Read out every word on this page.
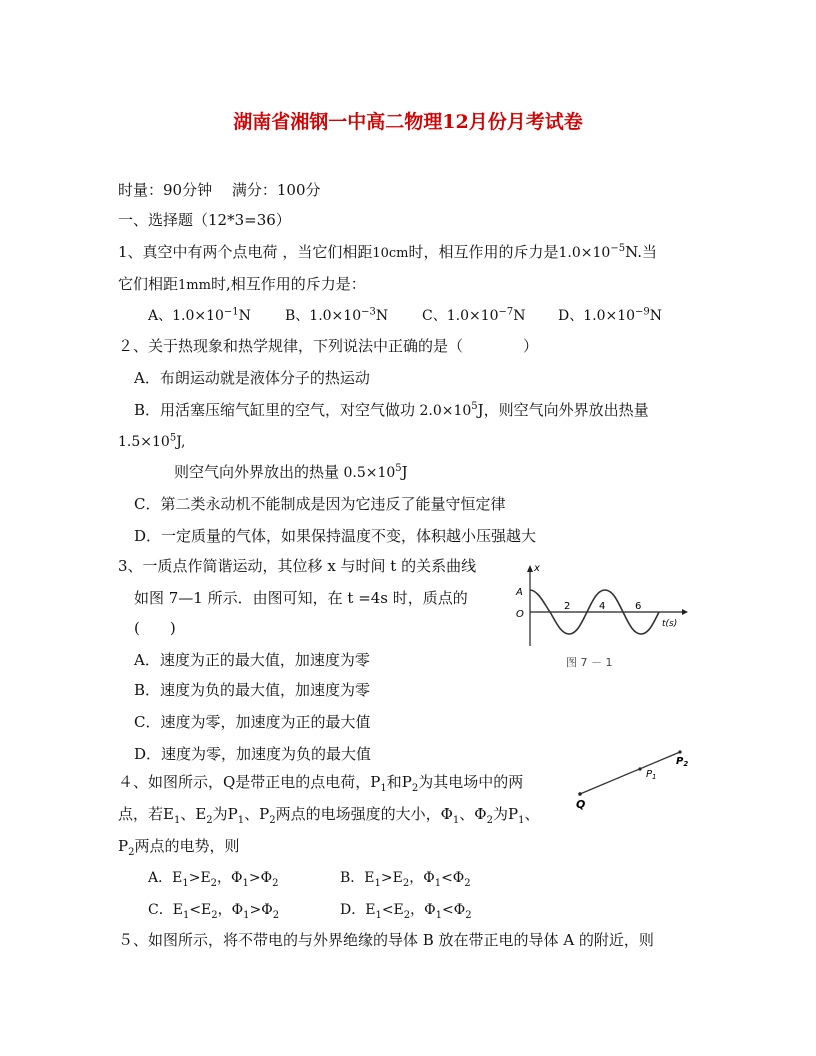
湖南省湘钢一中高二物理12月份月考试卷
时量：90分钟　 满分：100分
一、选择题（12*3=36）
1、真空中有两个点电荷 ，当它们相距10cm时，相互作用的斥力是$1.0\times 10^{-5}N$.当
它们相距1mm时,相互作用的斥力是：
A、$1.0\times 10^{-1}N$ B、$1.0\times 10^{-3}N$ C、$1.0\times 10^{-7}N$ D、$1.0\times 10^{-9}N$
２、关于热现象和热学规律，下列说法中正确的是（　　　　）
A．布朗运动就是液体分子的热运动
B．用活塞压缩气缸里的空气，对空气做功 $2.0\times 10^5J$，则空气向外界放出热量
$1.5\times 10^5J$,
则空气向外界放出的热量 $0.5\times 10^5J$
C．第二类永动机不能制成是因为它违反了能量守恒定律
D．一定质量的气体，如果保持温度不变，体积越小压强越大
3、一质点作简谐运动，其位移 x 与时间 t 的关系曲线
如图 7—1 所示．由图可知，在 t =4s 时，质点的
(　　)
A．速度为正的最大值，加速度为零
B．速度为负的最大值，加速度为零
C．速度为零，加速度为正的最大值
D．速度为零，加速度为负的最大值
x
A
O
2	4	6
t(s)
图 7 － 1
４、如图所示，Q是带正电的点电荷，$P_1$和$P_2$为其电场中的两
点，若$E_1$、$E_2$为$P_1$、$P_2$两点的电场强度的大小，$\Phi_1$、$\Phi_2$为$P_1$、
$P_2$两点的电势，则
Q
$P_1$
$P_2$
A．$E_1>E_2$，$\Phi_1>\Phi_2$	B．$E_1>E_2$，$\Phi_1<\Phi_2$
C．$E_1<E_2$，$\Phi_1>\Phi_2$	D．$E_1<E_2$，$\Phi_1<\Phi_2$
５、如图所示，将不带电的与外界绝缘的导体 B 放在带正电的导体 A 的附近，则
